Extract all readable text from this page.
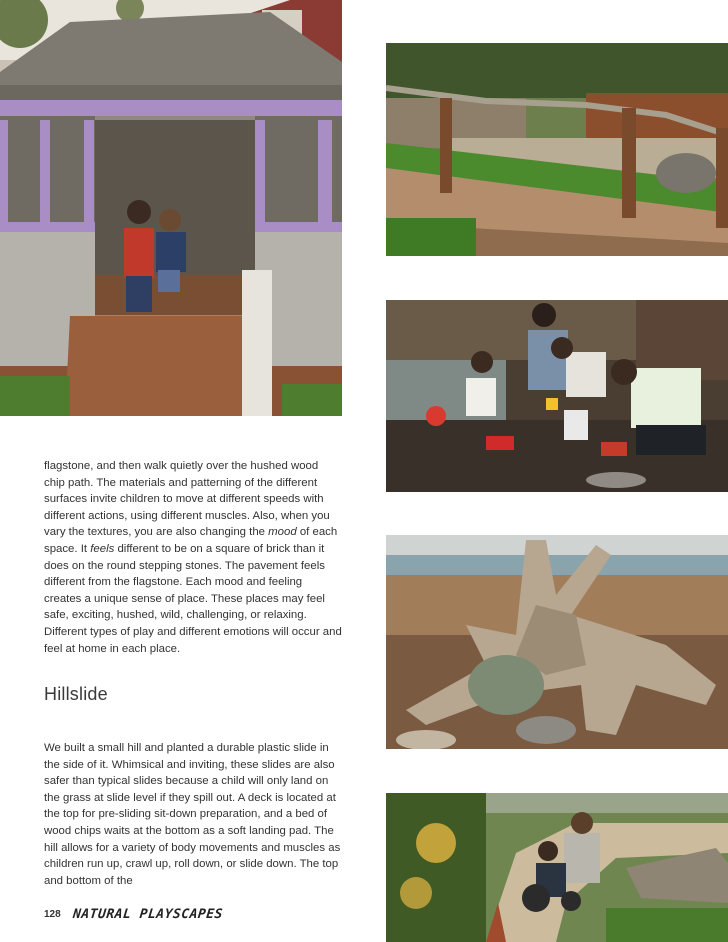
flagstone, and then walk quietly over the hushed wood chip path. The materials and patterning of the different surfaces invite children to move at different speeds with different actions, using different muscles. Also, when you vary the textures, you are also changing the mood of each space. It feels different to be on a square of brick than it does on the round stepping stones. The pavement feels different from the flagstone. Each mood and feeling creates a unique sense of place. These places may feel safe, exciting, hushed, wild, challenging, or relaxing. Different types of play and different emotions will occur and feel at home in each place.

Hillslide

We built a small hill and planted a durable plastic slide in the side of it. Whimsical and inviting, these slides are also safer than typical slides because a child will only land on the grass at slide level if they spill out. A deck is located at the top for pre-sliding sit-down preparation, and a bed of wood chips waits at the bottom as a soft landing pad. The hill allows for a variety of body movements and muscles as children run up, crawl up, roll down, or slide down. The top and bottom of the

128 NATURAL PLAYSCAPES
